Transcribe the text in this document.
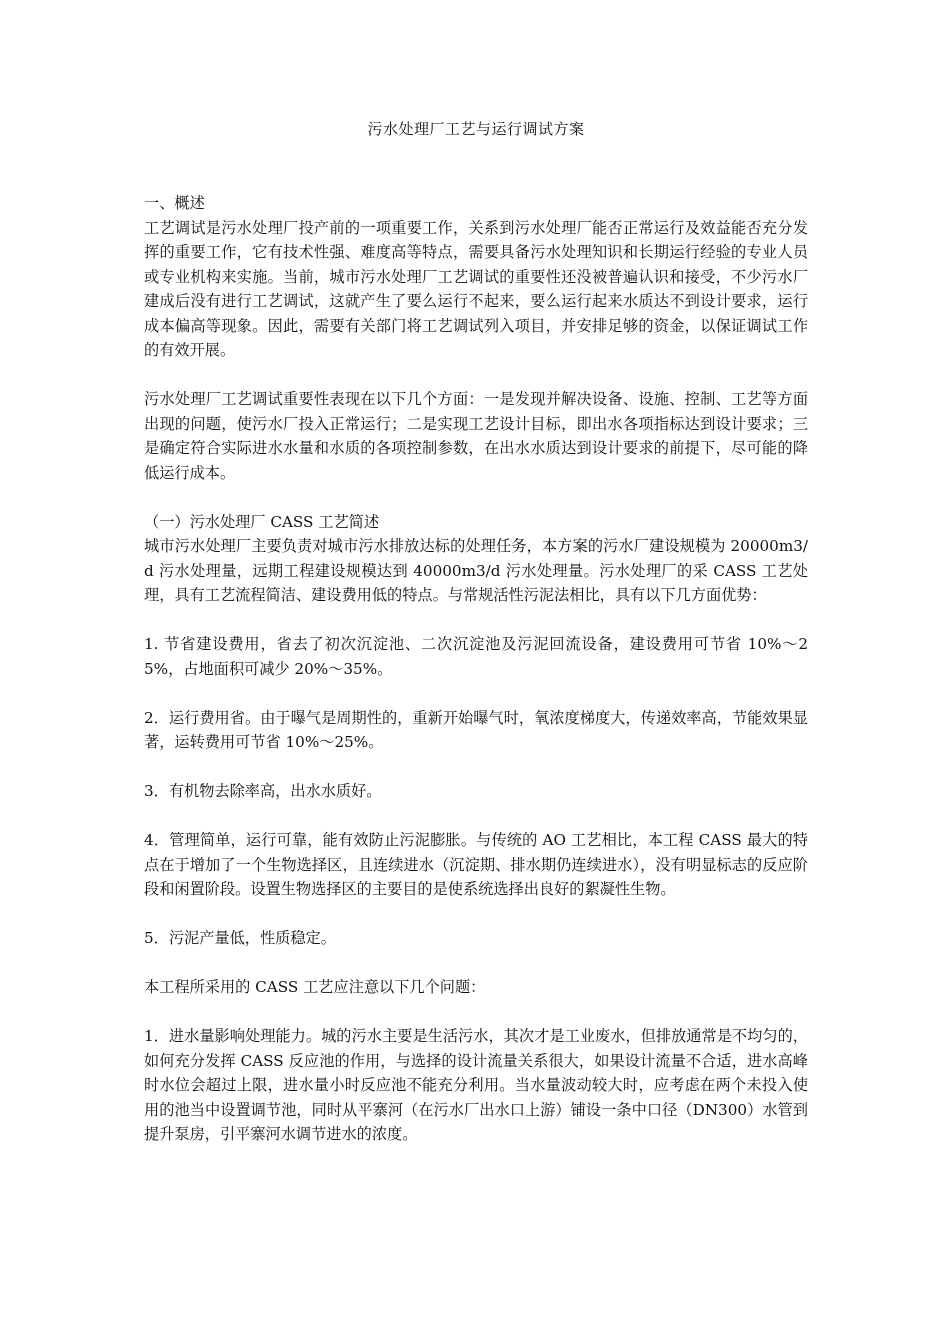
污水处理厂工艺与运行调试方案

一、概述
工艺调试是污水处理厂投产前的一项重要工作，关系到污水处理厂能否正常运行及效益能否充分发挥的重要工作，它有技术性强、难度高等特点，需要具备污水处理知识和长期运行经验的专业人员或专业机构来实施。当前，城市污水处理厂工艺调试的重要性还没被普遍认识和接受，不少污水厂建成后没有进行工艺调试，这就产生了要么运行不起来，要么运行起来水质达不到设计要求，运行成本偏高等现象。因此，需要有关部门将工艺调试列入项目，并安排足够的资金，以保证调试工作的有效开展。

污水处理厂工艺调试重要性表现在以下几个方面：一是发现并解决设备、设施、控制、工艺等方面出现的问题，使污水厂投入正常运行；二是实现工艺设计目标，即出水各项指标达到设计要求；三是确定符合实际进水水量和水质的各项控制参数，在出水水质达到设计要求的前提下，尽可能的降低运行成本。

（一）污水处理厂 CASS 工艺简述
城市污水处理厂主要负责对城市污水排放达标的处理任务，本方案的污水厂建设规模为 20000m3/d 污水处理量，远期工程建设规模达到 40000m3/d 污水处理量。污水处理厂的采 CASS 工艺处理，具有工艺流程简洁、建设费用低的特点。与常规活性污泥法相比，具有以下几方面优势：

1. 节省建设费用，省去了初次沉淀池、二次沉淀池及污泥回流设备，建设费用可节省 10%～25%，占地面积可减少 20%～35%。

2．运行费用省。由于曝气是周期性的，重新开始曝气时，氧浓度梯度大，传递效率高，节能效果显著，运转费用可节省 10%～25%。

3．有机物去除率高，出水水质好。

4．管理简单，运行可靠，能有效防止污泥膨胀。与传统的 AO 工艺相比，本工程 CASS 最大的特点在于增加了一个生物选择区，且连续进水（沉淀期、排水期仍连续进水），没有明显标志的反应阶段和闲置阶段。设置生物选择区的主要目的是使系统选择出良好的絮凝性生物。

5．污泥产量低，性质稳定。

本工程所采用的 CASS 工艺应注意以下几个问题：

1．进水量影响处理能力。城的污水主要是生活污水，其次才是工业废水，但排放通常是不均匀的，如何充分发挥 CASS 反应池的作用，与选择的设计流量关系很大，如果设计流量不合适，进水高峰时水位会超过上限，进水量小时反应池不能充分利用。当水量波动较大时，应考虑在两个未投入使用的池当中设置调节池，同时从平寨河（在污水厂出水口上游）铺设一条中口径（DN300）水管到提升泵房，引平寨河水调节进水的浓度。
